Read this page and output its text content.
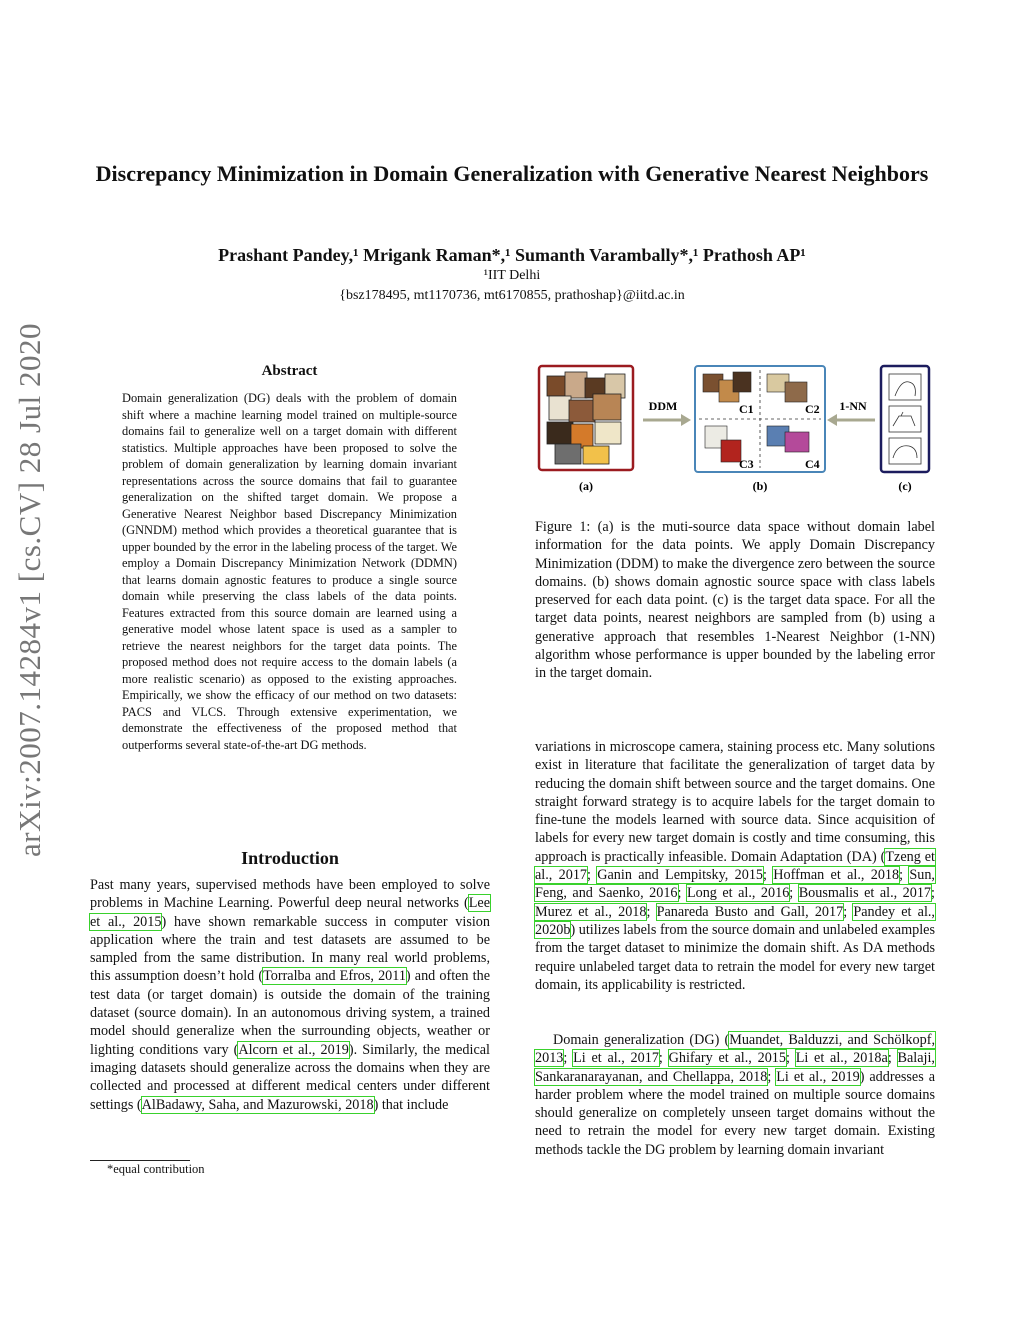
arXiv:2007.14284v1 [cs.CV] 28 Jul 2020
Discrepancy Minimization in Domain Generalization with Generative Nearest Neighbors
Prashant Pandey,¹ Mrigank Raman*,¹ Sumanth Varambally*,¹ Prathosh AP¹
¹IIT Delhi
{bsz178495, mt1170736, mt6170855, prathoshap}@iitd.ac.in
Abstract
Domain generalization (DG) deals with the problem of domain shift where a machine learning model trained on multiple-source domains fail to generalize well on a target domain with different statistics. Multiple approaches have been proposed to solve the problem of domain generalization by learning domain invariant representations across the source domains that fail to guarantee generalization on the shifted target domain. We propose a Generative Nearest Neighbor based Discrepancy Minimization (GNNDM) method which provides a theoretical guarantee that is upper bounded by the error in the labeling process of the target. We employ a Domain Discrepancy Minimization Network (DDMN) that learns domain agnostic features to produce a single source domain while preserving the class labels of the data points. Features extracted from this source domain are learned using a generative model whose latent space is used as a sampler to retrieve the nearest neighbors for the target data points. The proposed method does not require access to the domain labels (a more realistic scenario) as opposed to the existing approaches. Empirically, we show the efficacy of our method on two datasets: PACS and VLCS. Through extensive experimentation, we demonstrate the effectiveness of the proposed method that outperforms several state-of-the-art DG methods.
Introduction
Past many years, supervised methods have been employed to solve problems in Machine Learning. Powerful deep neural networks (Lee et al., 2015) have shown remarkable success in computer vision application where the train and test datasets are assumed to be sampled from the same distribution. In many real world problems, this assumption doesn’t hold (Torralba and Efros, 2011) and often the test data (or target domain) is outside the domain of the training dataset (source domain). In an autonomous driving system, a trained model should generalize when the surrounding objects, weather or lighting conditions vary (Alcorn et al., 2019). Similarly, the medical imaging datasets should generalize across the domains when they are collected and processed at different medical centers under different settings (AlBadawy, Saha, and Mazurowski, 2018) that include
*equal contribution
DDM	C1	C2
C3	C4
1-NN
(a)	(b)	(c)
Figure 1: (a) is the muti-source data space without domain label information for the data points. We apply Domain Discrepancy Minimization (DDM) to make the divergence zero between the source domains. (b) shows domain agnostic source space with class labels preserved for each data point. (c) is the target data space. For all the target data points, nearest neighbors are sampled from (b) using a generative approach that resembles 1-Nearest Neighbor (1-NN) algorithm whose performance is upper bounded by the labeling error in the target domain.
variations in microscope camera, staining process etc. Many solutions exist in literature that facilitate the generalization of target data by reducing the domain shift between source and the target domains. One straight forward strategy is to acquire labels for the target domain to fine-tune the models learned with source data. Since acquisition of labels for every new target domain is costly and time consuming, this approach is practically infeasible. Domain Adaptation (DA) (Tzeng et al., 2017; Ganin and Lempitsky, 2015; Hoffman et al., 2018; Sun, Feng, and Saenko, 2016; Long et al., 2016; Bousmalis et al., 2017; Murez et al., 2018; Panareda Busto and Gall, 2017; Pandey et al., 2020b) utilizes labels from the source domain and unlabeled examples from the target dataset to minimize the domain shift. As DA methods require unlabeled target data to retrain the model for every new target domain, its applicability is restricted.
Domain generalization (DG) (Muandet, Balduzzi, and Schölkopf, 2013; Li et al., 2017; Ghifary et al., 2015; Li et al., 2018a; Balaji, Sankaranarayanan, and Chellappa, 2018; Li et al., 2019) addresses a harder problem where the model trained on multiple source domains should generalize on completely unseen target domains without the need to retrain the model for every new target domain. Existing methods tackle the DG problem by learning domain invariant
